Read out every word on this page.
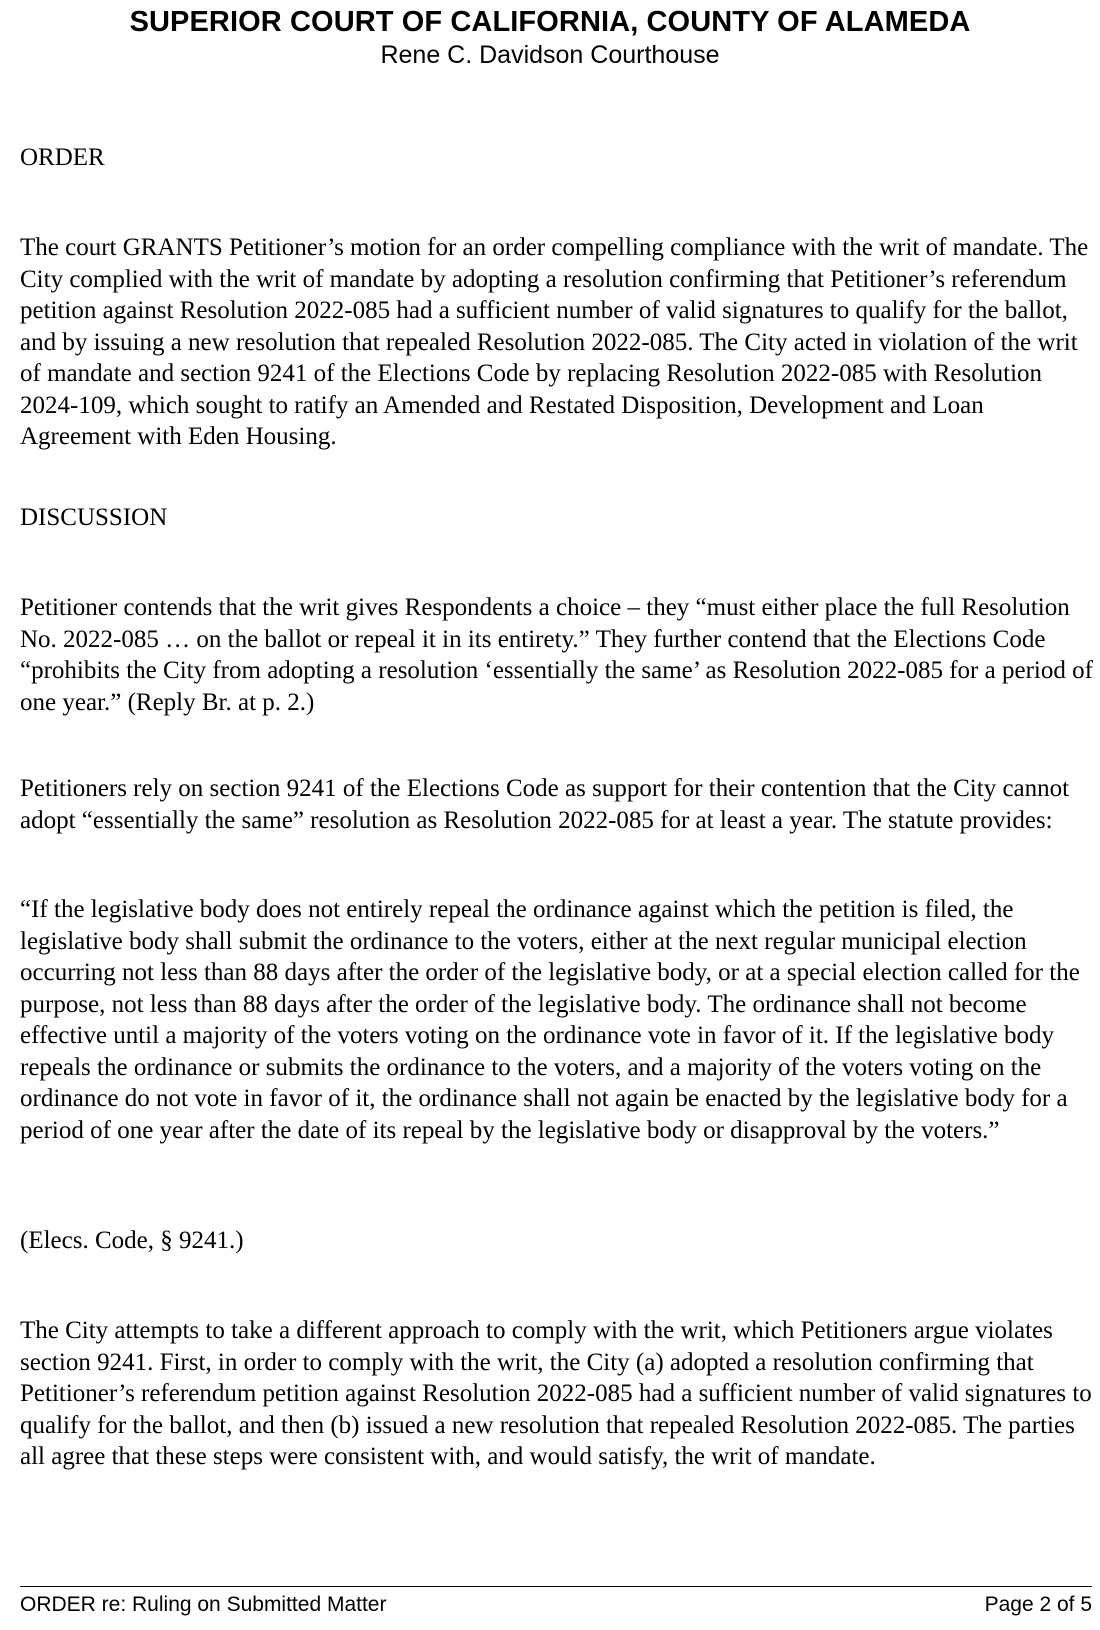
SUPERIOR COURT OF CALIFORNIA, COUNTY OF ALAMEDA
Rene C. Davidson Courthouse

ORDER

The court GRANTS Petitioner’s motion for an order compelling compliance with the writ of mandate. The City complied with the writ of mandate by adopting a resolution confirming that Petitioner’s referendum petition against Resolution 2022-085 had a sufficient number of valid signatures to qualify for the ballot, and by issuing a new resolution that repealed Resolution 2022-085. The City acted in violation of the writ of mandate and section 9241 of the Elections Code by replacing Resolution 2022-085 with Resolution 2024-109, which sought to ratify an Amended and Restated Disposition, Development and Loan Agreement with Eden Housing.

DISCUSSION

Petitioner contends that the writ gives Respondents a choice – they “must either place the full Resolution No. 2022-085 … on the ballot or repeal it in its entirety.” They further contend that the Elections Code “prohibits the City from adopting a resolution ‘essentially the same’ as Resolution 2022-085 for a period of one year.” (Reply Br. at p. 2.)

Petitioners rely on section 9241 of the Elections Code as support for their contention that the City cannot adopt “essentially the same” resolution as Resolution 2022-085 for at least a year. The statute provides:

“If the legislative body does not entirely repeal the ordinance against which the petition is filed, the legislative body shall submit the ordinance to the voters, either at the next regular municipal election occurring not less than 88 days after the order of the legislative body, or at a special election called for the purpose, not less than 88 days after the order of the legislative body. The ordinance shall not become effective until a majority of the voters voting on the ordinance vote in favor of it. If the legislative body repeals the ordinance or submits the ordinance to the voters, and a majority of the voters voting on the ordinance do not vote in favor of it, the ordinance shall not again be enacted by the legislative body for a period of one year after the date of its repeal by the legislative body or disapproval by the voters.”

(Elecs. Code, § 9241.)

The City attempts to take a different approach to comply with the writ, which Petitioners argue violates section 9241. First, in order to comply with the writ, the City (a) adopted a resolution confirming that Petitioner’s referendum petition against Resolution 2022-085 had a sufficient number of valid signatures to qualify for the ballot, and then (b) issued a new resolution that repealed Resolution 2022-085. The parties all agree that these steps were consistent with, and would satisfy, the writ of mandate.

ORDER re: Ruling on Submitted Matter	Page 2 of 5
